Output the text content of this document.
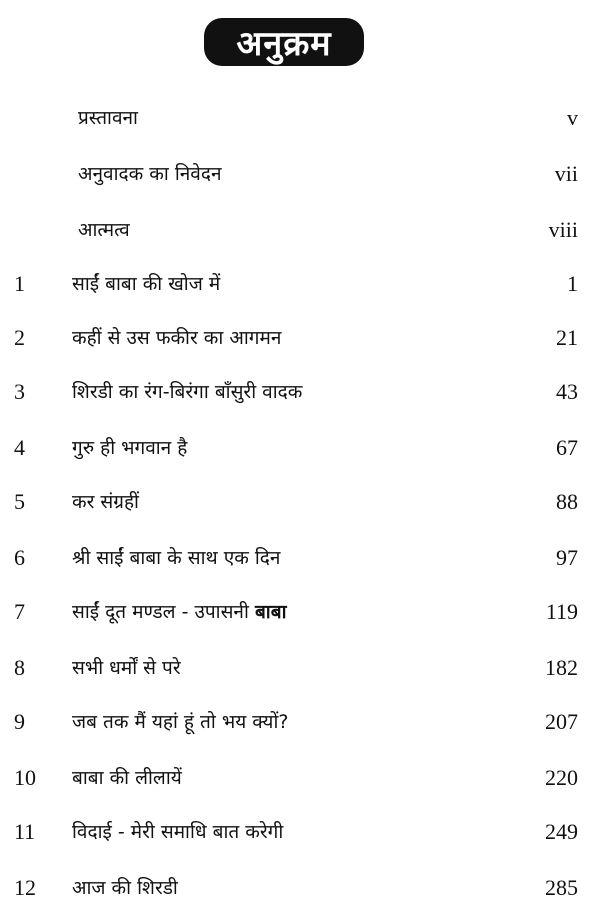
अनुक्रम
प्रस्तावना	v
अनुवादक का निवेदन	vii
आत्मत्व	viii
1	साईं बाबा की खोज में	1
2	कहीं से उस फकीर का आगमन	21
3	शिरडी का रंग-बिरंगा बाँसुरी वादक	43
4	गुरु ही भगवान है	67
5	कर संग्रहीं	88
6	श्री साईं बाबा के साथ एक दिन	97
7	साईं दूत मण्डल - उपासनी बाबा	119
8	सभी धर्मों से परे	182
9	जब तक मैं यहां हूं तो भय क्यों?	207
10	बाबा की लीलायें	220
11	विदाई - मेरी समाधि बात करेगी	249
12	आज की शिरडी	285
